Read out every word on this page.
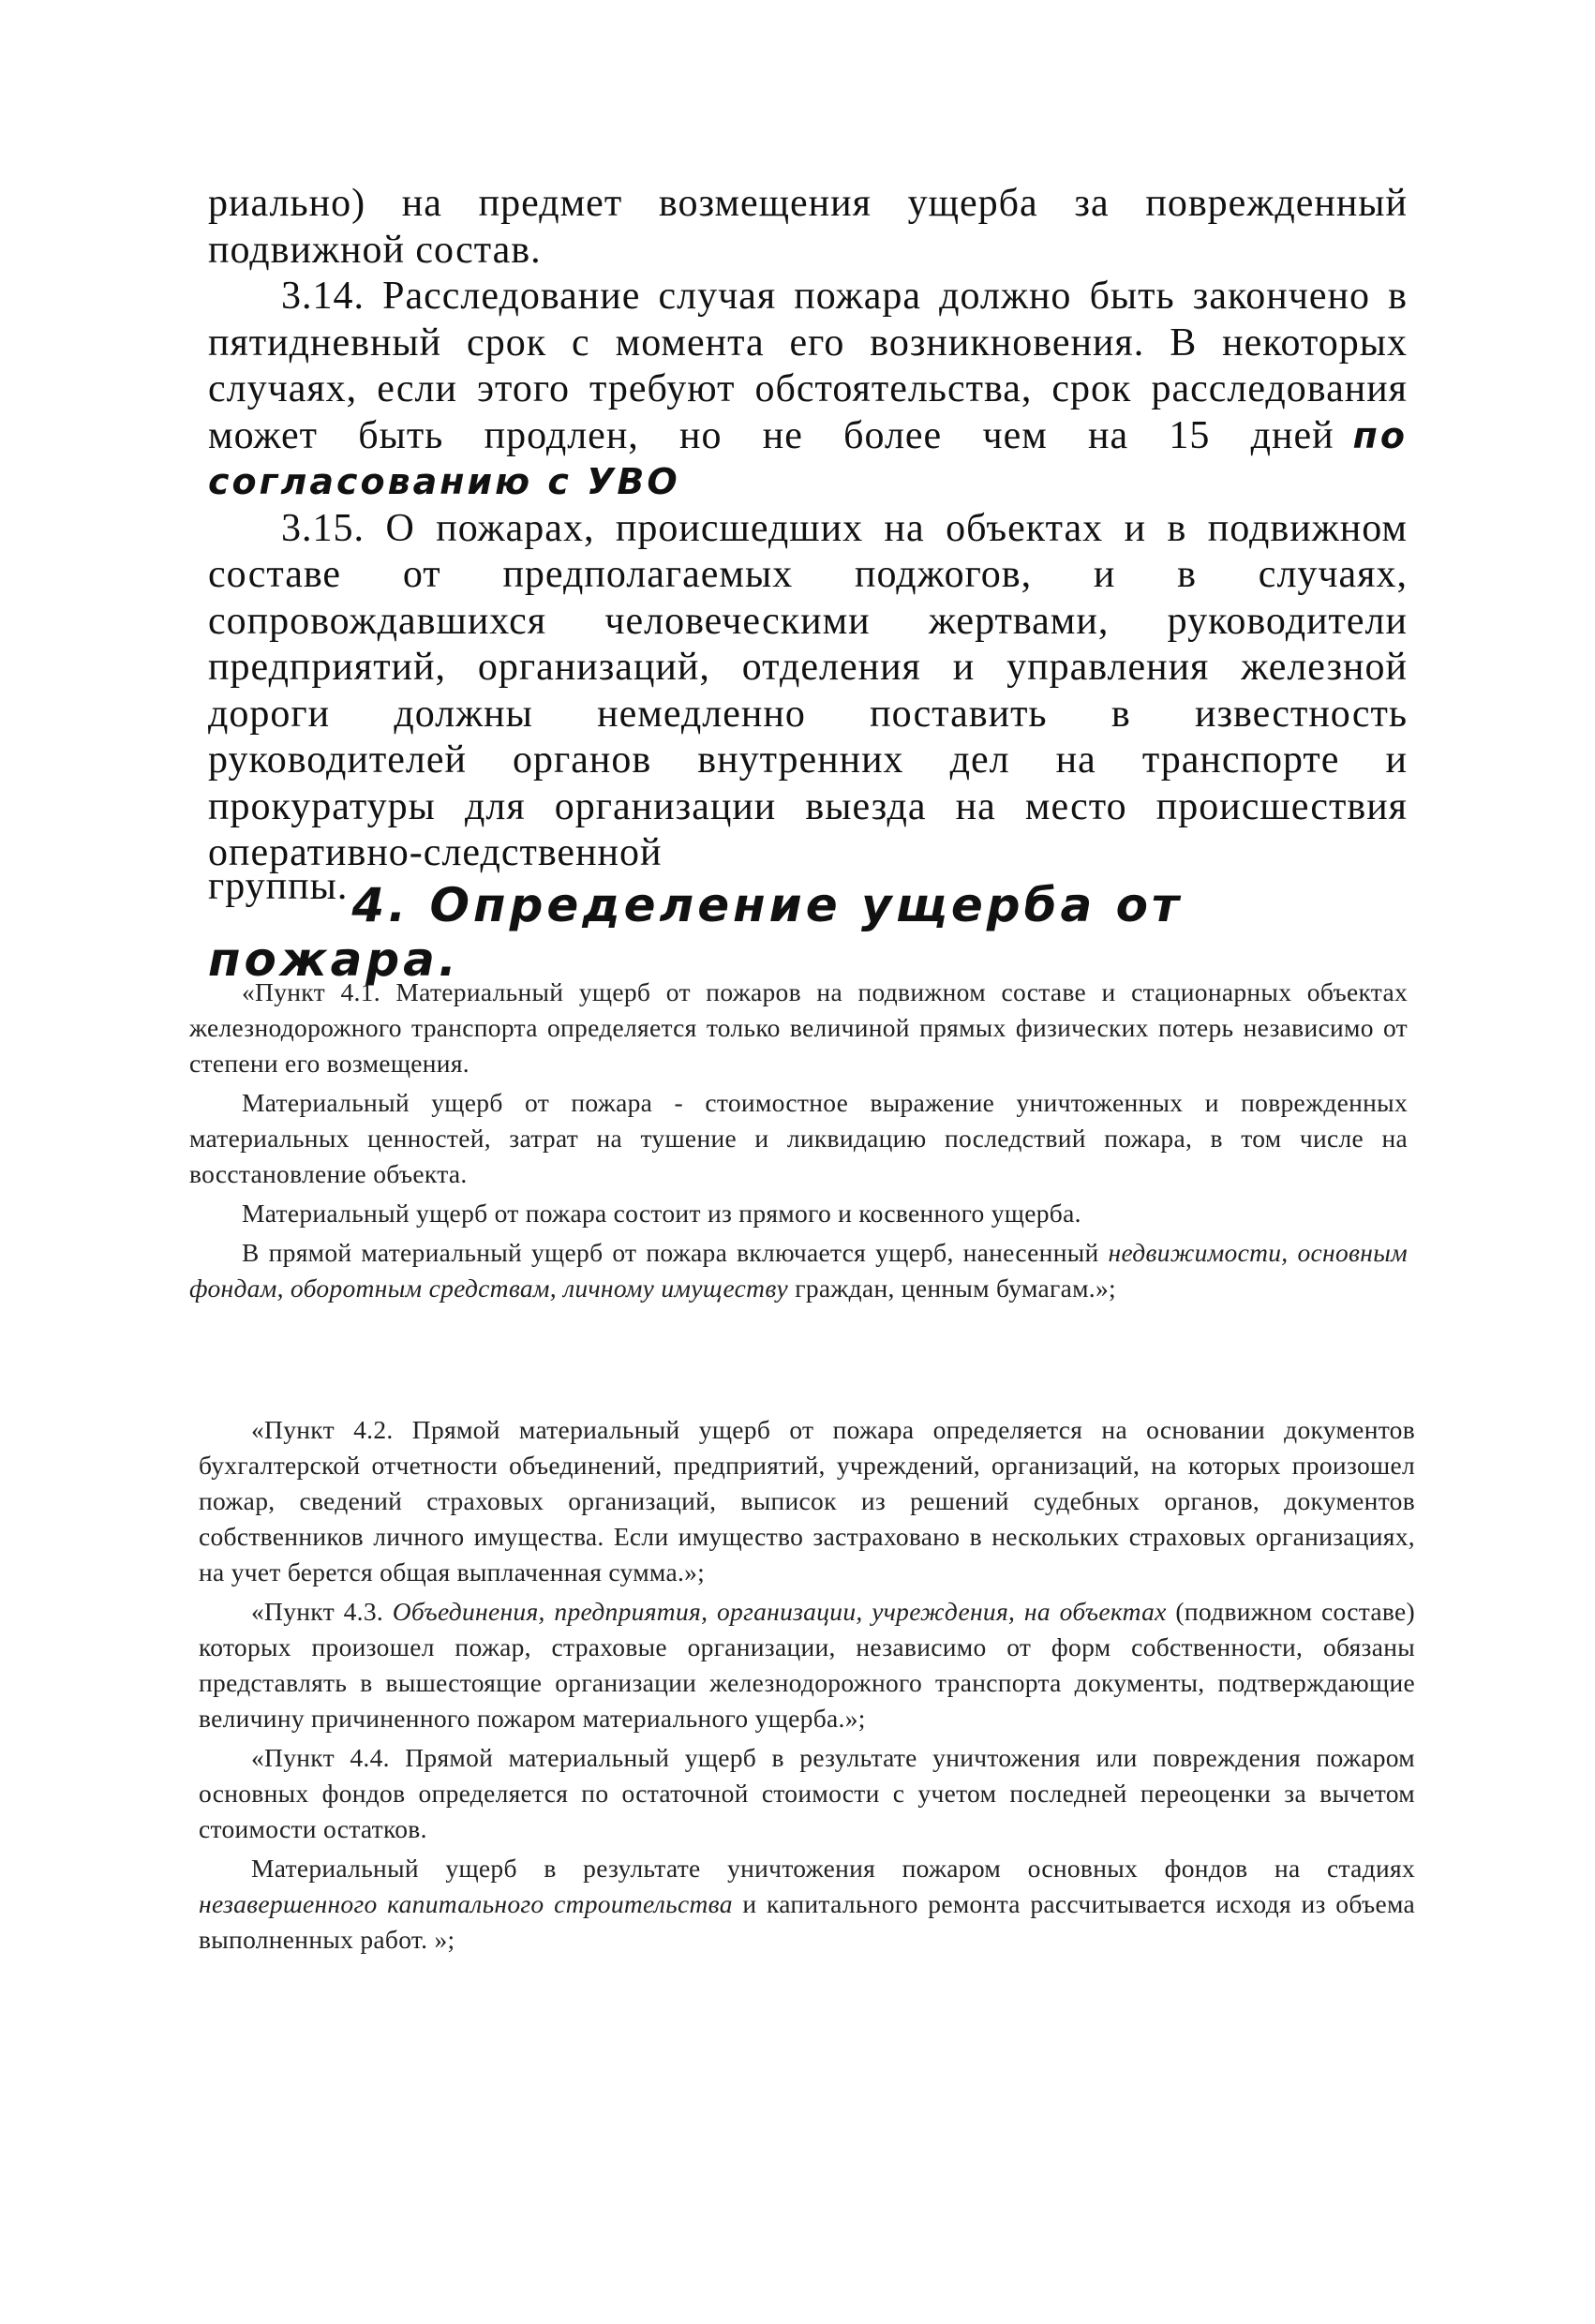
риально) на предмет возмещения ущерба за поврежденный подвижной состав.

3.14. Расследование случая пожара должно быть закончено в пятидневный срок с момента его возникновения. В некоторых случаях, если этого требуют обстоятельства, срок расследования может быть продлен, но не более чем на 15 дней по согласованию с УВО

3.15. О пожарах, происшедших на объектах и в подвижном составе от предполагаемых поджогов, и в случаях, сопровождавшихся человеческими жертвами, руководители предприятий, организаций, отделения и управления железной дороги должны немедленно поставить в известность руководителей органов внутренних дел на транспорте и прокуратуры для организации выезда на место происшествия оперативно-следственной

группы.4. Определение ущерба от пожара.

«Пункт 4.1. Материальный ущерб от пожаров на подвижном составе и стационарных объектах железнодорожного транспорта определяется только величиной прямых физических потерь независимо от степени его возмещения.

Материальный ущерб от пожара - стоимостное выражение уничтоженных и поврежденных материальных ценностей, затрат на тушение и ликвидацию последствий пожара, в том числе на восстановление объекта.

Материальный ущерб от пожара состоит из прямого и косвенного ущерба.

В прямой материальный ущерб от пожара включается ущерб, нанесенный недвижимости, основным фондам, оборотным средствам, личному имуществу граждан, ценным бумагам.»;

«Пункт 4.2. Прямой материальный ущерб от пожара определяется на основании документов бухгалтерской отчетности объединений, предприятий, учреждений, организаций, на которых произошел пожар, сведений страховых организаций, выписок из решений судебных органов, документов собственников личного имущества. Если имущество застраховано в нескольких страховых организациях, на учет берется общая выплаченная сумма.»;

«Пункт 4.3. Объединения, предприятия, организации, учреждения, на объектах (подвижном составе) которых произошел пожар, страховые организации, независимо от форм собственности, обязаны представлять в вышестоящие организации железнодорожного транспорта документы, подтверждающие величину причиненного пожаром материального ущерба.»;

«Пункт 4.4. Прямой материальный ущерб в результате уничтожения или повреждения пожаром основных фондов определяется по остаточной стоимости с учетом последней переоценки за вычетом стоимости остатков.

Материальный ущерб в результате уничтожения пожаром основных фондов на стадиях незавершенного капитального строительства и капитального ремонта рассчитывается исходя из объема выполненных работ. »;
